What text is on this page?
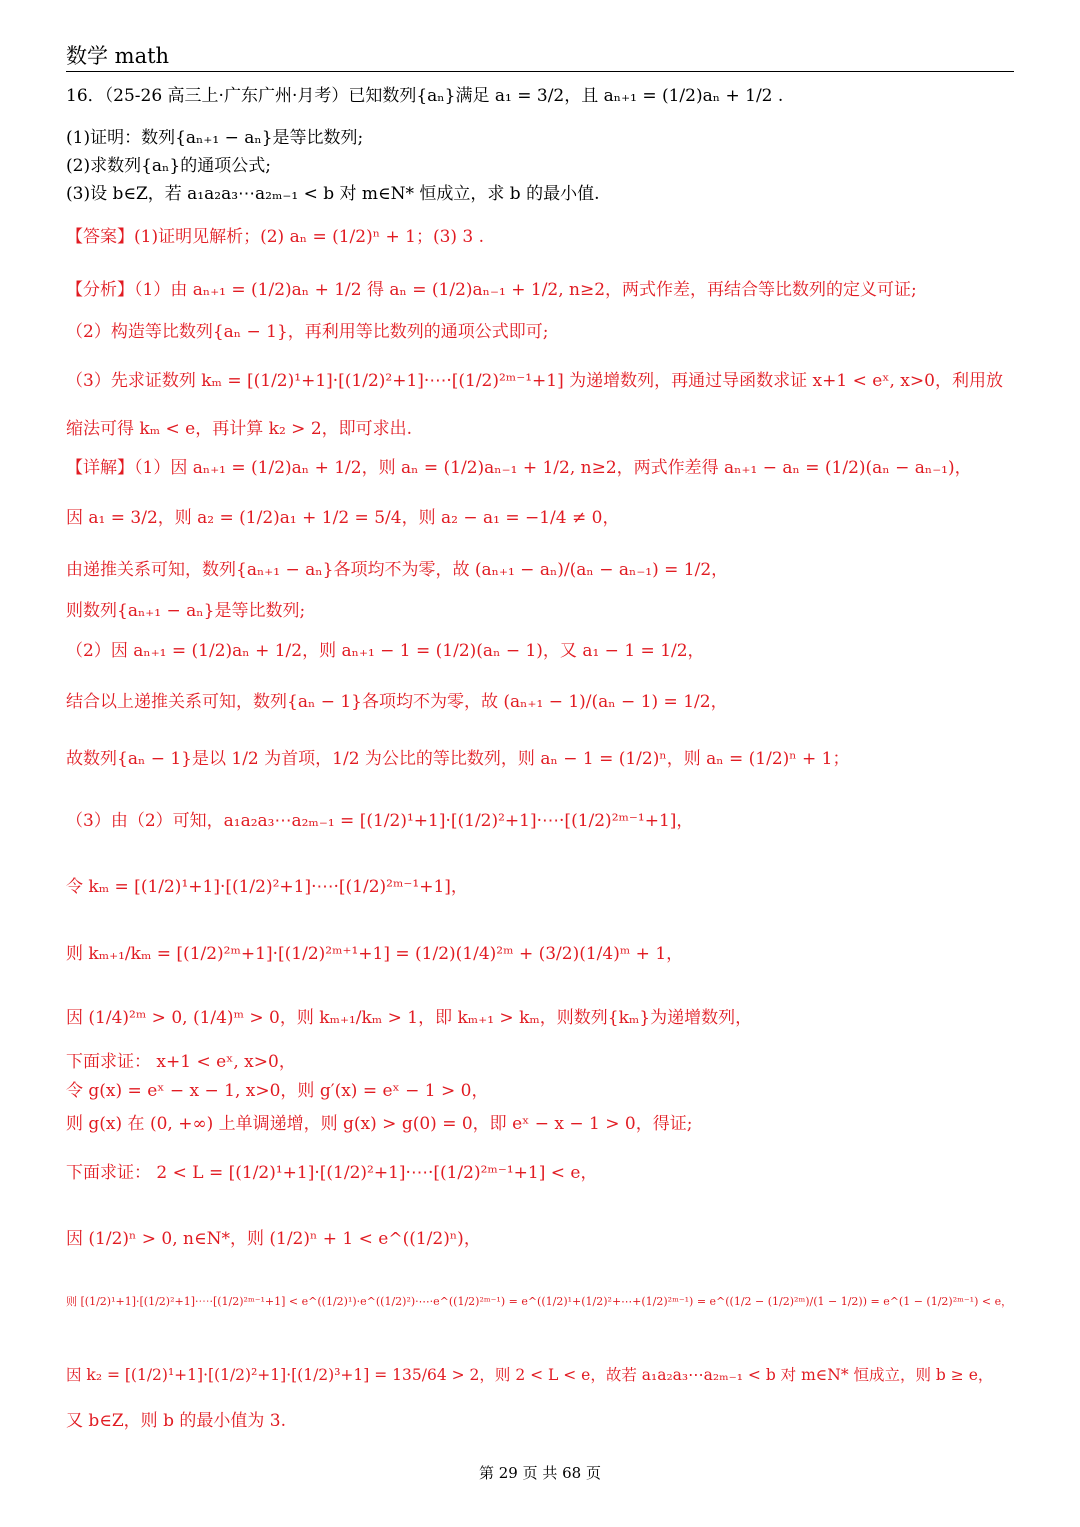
数学 math
16．（25-26 高三上·广东广州·月考）已知数列{aₙ}满足 a₁ = 3/2，且 aₙ₊₁ = (1/2)aₙ + 1/2 .
(1)证明：数列{aₙ₊₁ − aₙ}是等比数列;
(2)求数列{aₙ}的通项公式;
(3)设 b∈Z，若 a₁a₂a₃⋯a₂ₘ₋₁ < b 对 m∈N* 恒成立，求 b 的最小值.
【答案】(1)证明见解析；(2) aₙ = (1/2)ⁿ + 1；(3) 3 .
【分析】（1）由 aₙ₊₁ = (1/2)aₙ + 1/2 得 aₙ = (1/2)aₙ₋₁ + 1/2, n≥2，两式作差，再结合等比数列的定义可证;
（2）构造等比数列{aₙ − 1}，再利用等比数列的通项公式即可;
（3）先求证数列 kₘ = [(1/2)¹+1]·[(1/2)²+1]·⋯·[(1/2)²ᵐ⁻¹+1] 为递增数列，再通过导函数求证 x+1 < eˣ, x>0，利用放
缩法可得 kₘ < e，再计算 k₂ > 2，即可求出.
【详解】（1）因 aₙ₊₁ = (1/2)aₙ + 1/2，则 aₙ = (1/2)aₙ₋₁ + 1/2, n≥2，两式作差得 aₙ₊₁ − aₙ = (1/2)(aₙ − aₙ₋₁)，
因 a₁ = 3/2，则 a₂ = (1/2)a₁ + 1/2 = 5/4，则 a₂ − a₁ = −1/4 ≠ 0，
由递推关系可知，数列{aₙ₊₁ − aₙ}各项均不为零，故 (aₙ₊₁ − aₙ)/(aₙ − aₙ₋₁) = 1/2，
则数列{aₙ₊₁ − aₙ}是等比数列;
（2）因 aₙ₊₁ = (1/2)aₙ + 1/2，则 aₙ₊₁ − 1 = (1/2)(aₙ − 1)，又 a₁ − 1 = 1/2，
结合以上递推关系可知，数列{aₙ − 1}各项均不为零，故 (aₙ₊₁ − 1)/(aₙ − 1) = 1/2，
故数列{aₙ − 1}是以 1/2 为首项，1/2 为公比的等比数列，则 aₙ − 1 = (1/2)ⁿ，则 aₙ = (1/2)ⁿ + 1；
（3）由（2）可知，a₁a₂a₃⋯a₂ₘ₋₁ = [(1/2)¹+1]·[(1/2)²+1]·⋯·[(1/2)²ᵐ⁻¹+1]，
令 kₘ = [(1/2)¹+1]·[(1/2)²+1]·⋯·[(1/2)²ᵐ⁻¹+1]，
则 kₘ₊₁/kₘ = [(1/2)²ᵐ+1]·[(1/2)²ᵐ⁺¹+1] = (1/2)(1/4)²ᵐ + (3/2)(1/4)ᵐ + 1，
因 (1/4)²ᵐ > 0, (1/4)ᵐ > 0，则 kₘ₊₁/kₘ > 1，即 kₘ₊₁ > kₘ，则数列{kₘ}为递增数列，
下面求证： x+1 < eˣ, x>0，
令 g(x) = eˣ − x − 1, x>0，则 g′(x) = eˣ − 1 > 0，
则 g(x) 在 (0, +∞) 上单调递增，则 g(x) > g(0) = 0，即 eˣ − x − 1 > 0，得证;
下面求证： 2 < L = [(1/2)¹+1]·[(1/2)²+1]·⋯·[(1/2)²ᵐ⁻¹+1] < e，
因 (1/2)ⁿ > 0, n∈N*，则 (1/2)ⁿ + 1 < e^((1/2)ⁿ)，
则 [(1/2)¹+1]·[(1/2)²+1]·⋯·[(1/2)²ᵐ⁻¹+1] < e^((1/2)¹)·e^((1/2)²)·⋯·e^((1/2)²ᵐ⁻¹) = e^((1/2)¹+(1/2)²+⋯+(1/2)²ᵐ⁻¹) = e^((1/2 − (1/2)²ᵐ)/(1 − 1/2)) = e^(1 − (1/2)²ᵐ⁻¹) < e，
因 k₂ = [(1/2)¹+1]·[(1/2)²+1]·[(1/2)³+1] = 135/64 > 2，则 2 < L < e，故若 a₁a₂a₃⋯a₂ₘ₋₁ < b 对 m∈N* 恒成立，则 b ≥ e，
又 b∈Z，则 b 的最小值为 3.
第 29 页 共 68 页
